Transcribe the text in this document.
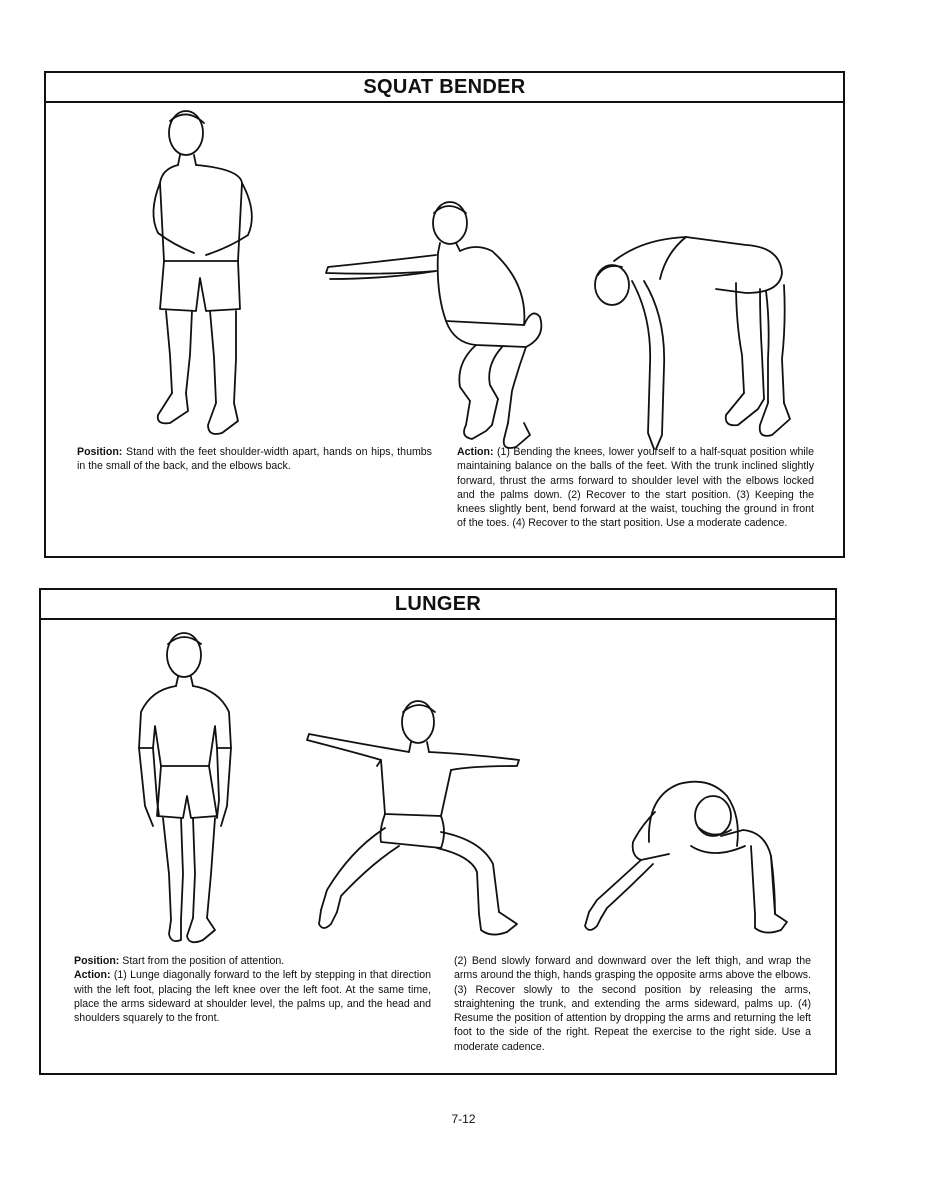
SQUAT BENDER
Position: Stand with the feet shoulder-width apart, hands on hips, thumbs in the small of the back, and the elbows back.
Action: (1) Bending the knees, lower yourself to a half-squat position while maintaining balance on the balls of the feet. With the trunk inclined slightly forward, thrust the arms forward to shoulder level with the elbows locked and the palms down. (2) Recover to the start position. (3) Keeping the knees slightly bent, bend forward at the waist, touching the ground in front of the toes. (4) Recover to the start position. Use a moderate cadence.
LUNGER

Position: Start from the position of attention.

Action: (1) Lunge diagonally forward to the left by stepping in that direction with the left foot, placing the left knee over the left foot. At the same time, place the arms sideward at shoulder level, the palms up, and the head and shoulders squarely to the front.

(2) Bend slowly forward and downward over the left thigh, and wrap the arms around the thigh, hands grasping the opposite arms above the elbows. (3) Recover slowly to the second position by releasing the arms, straightening the trunk, and extending the arms sideward, palms up. (4) Resume the position of attention by dropping the arms and returning the left foot to the side of the right. Repeat the exercise to the right side. Use a moderate cadence.
7-12
